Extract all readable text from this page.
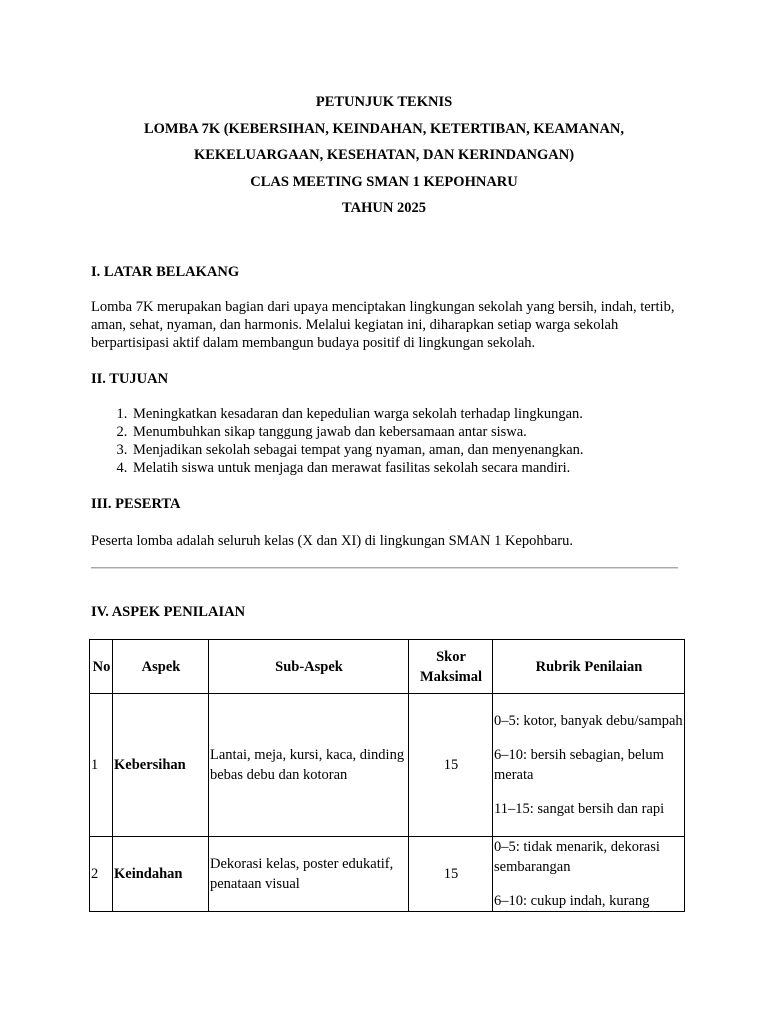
PETUNJUK TEKNIS
LOMBA 7K (KEBERSIHAN, KEINDAHAN, KETERTIBAN, KEAMANAN,
KEKELUARGAAN, KESEHATAN, DAN KERINDANGAN)
CLAS MEETING SMAN 1 KEPOHNARU
TAHUN 2025
I. LATAR BELAKANG

Lomba 7K merupakan bagian dari upaya menciptakan lingkungan sekolah yang bersih, indah, tertib, aman, sehat, nyaman, dan harmonis. Melalui kegiatan ini, diharapkan setiap warga sekolah berpartisipasi aktif dalam membangun budaya positif di lingkungan sekolah.

II. TUJUAN
1. Meningkatkan kesadaran dan kepedulian warga sekolah terhadap lingkungan.
2. Menumbuhkan sikap tanggung jawab dan kebersamaan antar siswa.
3. Menjadikan sekolah sebagai tempat yang nyaman, aman, dan menyenangkan.
4. Melatih siswa untuk menjaga dan merawat fasilitas sekolah secara mandiri.
III. PESERTA

Peserta lomba adalah seluruh kelas (X dan XI) di lingkungan SMAN 1 Kepohbaru.

IV. ASPEK PENILAIAN
No	Aspek	Sub-Aspek	Skor Maksimal	Rubrik Penilaian
1	Kebersihan	Lantai, meja, kursi, kaca, dinding bebas debu dan kotoran	15	0–5: kotor, banyak debu/sampah
6–10: bersih sebagian, belum merata
11–15: sangat bersih dan rapi

2	Keindahan	Dekorasi kelas, poster edukatif, penataan visual	15	0–5: tidak menarik, dekorasi sembarangan
6–10: cukup indah, kurang
